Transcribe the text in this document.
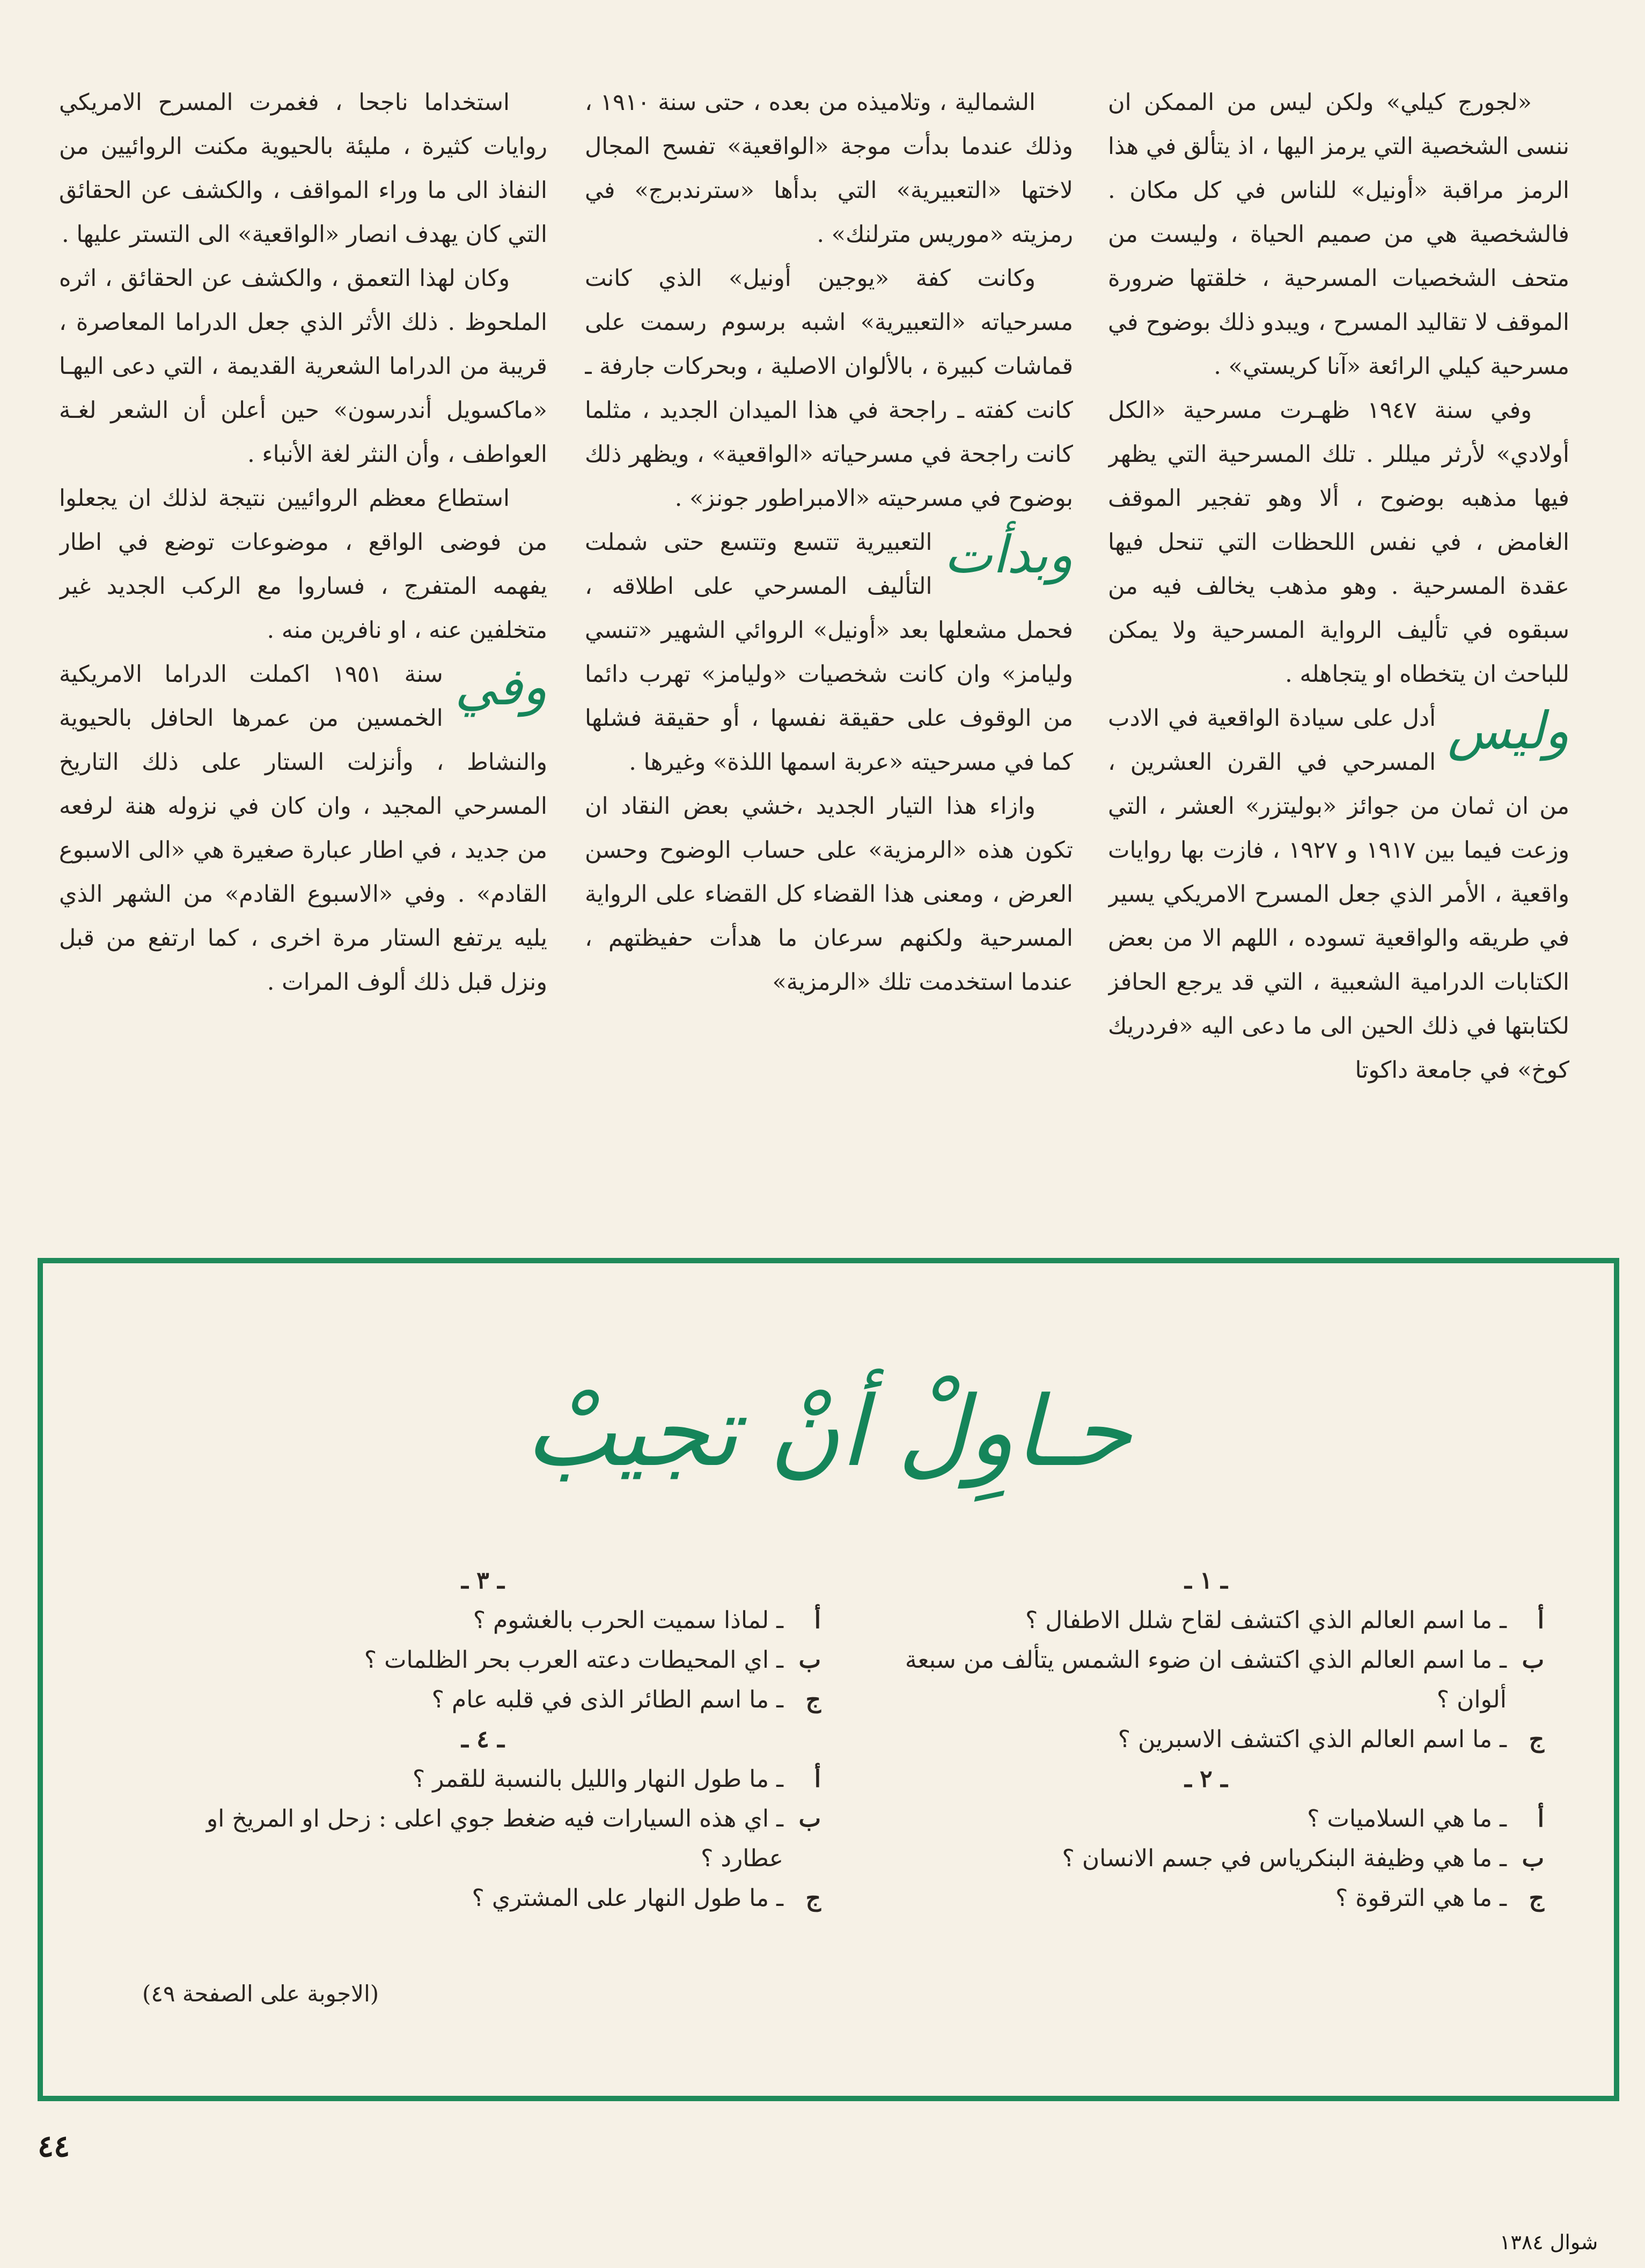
«لجورج كيلي» ولكن ليس من الممكن ان ننسى الشخصية التي يرمز اليها ، اذ يتألق في هذا الرمز مراقبة «أونيل» للناس في كل مكان . فالشخصية هي من صميم الحياة ، وليست من متحف الشخصيات المسرحية ، خلقتها ضرورة الموقف لا تقاليد المسرح ، ويبدو ذلك بوضوح في مسرحية كيلي الرائعة «آنا كريستي» .

وفي سنة ١٩٤٧ ظهـرت مسرحية «الكل أولادي» لأرثر ميللر . تلك المسرحية التي يظهر فيها مذهبه بوضوح ، ألا وهو تفجير الموقف الغامض ، في نفس اللحظات التي تنحل فيها عقدة المسرحية . وهو مذهب يخالف فيه من سبقوه في تأليف الرواية المسرحية ولا يمكن للباحث ان يتخطاه او يتجاهله .

وليس
أدل على سيادة الواقعية في الادب المسرحي في القرن العشرين ، من ان ثمان من جوائز «بوليتزر» العشر ، التي وزعت فيما بين ١٩١٧ و ١٩٢٧ ، فازت بها روايات واقعية ، الأمر الذي جعل المسرح الامريكي يسير في طريقه والواقعية تسوده ، اللهم الا من بعض الكتابات الدرامية الشعبية ، التي قد يرجع الحافز لكتابتها في ذلك الحين الى ما دعى اليه «فردريك كوخ» في جامعة داكوتا

الشمالية ، وتلاميذه من بعده ، حتى سنة ١٩١٠ ، وذلك عندما بدأت موجة «الواقعية» تفسح المجال لاختها «التعبيرية» التي بدأها «سترندبرج» في رمزيته «موريس مترلنك» .

وكانت كفة «يوجين أونيل» الذي كانت مسرحياته «التعبيرية» اشبه برسوم رسمت على قماشات كبيرة ، بالألوان الاصلية ، وبحركات جارفة ـ كانت كفته ـ راجحة في هذا الميدان الجديد ، مثلما كانت راجحة في مسرحياته «الواقعية» ، ويظهر ذلك بوضوح في مسرحيته «الامبراطور جونز» .

وبدأت
التعبيرية تتسع وتتسع حتى شملت التأليف المسرحي على اطلاقه ، فحمل مشعلها بعد «أونيل» الروائي الشهير «تنسي وليامز» وان كانت شخصيات «وليامز» تهرب دائما من الوقوف على حقيقة نفسها ، أو حقيقة فشلها كما في مسرحيته «عربة اسمها اللذة» وغيرها .

وازاء هذا التيار الجديد ،خشي بعض النقاد ان تكون هذه «الرمزية» على حساب الوضوح وحسن العرض ، ومعنى هذا القضاء كل القضاء على الرواية المسرحية ولكنهم سرعان ما هدأت حفيظتهم ، عندما استخدمت تلك «الرمزية»

استخداما ناجحا ، فغمرت المسرح الامريكي روايات كثيرة ، مليئة بالحيوية مكنت الروائيين من النفاذ الى ما وراء المواقف ، والكشف عن الحقائق التي كان يهدف انصار «الواقعية» الى التستر عليها .

وكان لهذا التعمق ، والكشف عن الحقائق ، اثره الملحوظ . ذلك الأثر الذي جعل الدراما المعاصرة ، قريبة من الدراما الشعرية القديمة ، التي دعى اليهـا «ماكسويل أندرسون» حين أعلن أن الشعر لغـة العواطف ، وأن النثر لغة الأنباء .

استطاع معظم الروائيين نتيجة لذلك ان يجعلوا من فوضى الواقع ، موضوعات توضع في اطار يفهمه المتفرج ، فساروا مع الركب الجديد غير متخلفين عنه ، او نافرين منه .

وفي
سنة ١٩٥١ اكملت الدراما الامريكية الخمسين من عمرها الحافل بالحيوية والنشاط ، وأنزلت الستار على ذلك التاريخ المسرحي المجيد ، وان كان في نزوله هنة لرفعه من جديد ، في اطار عبارة صغيرة هي «الى الاسبوع القادم» . وفي «الاسبوع القادم» من الشهر الذي يليه يرتفع الستار مرة اخرى ، كما ارتفع من قبل ونزل قبل ذلك ألوف المرات .

حـاوِلْ أنْ تجيبْ
ـ ١ ـ
أ
ـ ما اسم العالم الذي اكتشف لقاح شلل الاطفال ؟
ب
ـ ما اسم العالم الذي اكتشف ان ضوء الشمس يتألف من سبعة ألوان ؟
ج
ـ ما اسم العالم الذي اكتشف الاسبرين ؟
ـ ٢ ـ
أ
ـ ما هي السلاميات ؟
ب
ـ ما هي وظيفة البنكرياس في جسم الانسان ؟
ج
ـ ما هي الترقوة ؟
ـ ٣ ـ
أ
ـ لماذا سميت الحرب بالغشوم ؟
ب
ـ اي المحيطات دعته العرب بحر الظلمات ؟
ج
ـ ما اسم الطائر الذى في قلبه عام ؟
ـ ٤ ـ
أ
ـ ما طول النهار والليل بالنسبة للقمر ؟
ب
ـ اي هذه السيارات فيه ضغط جوي اعلى : زحل او المريخ او عطارد ؟
ج
ـ ما طول النهار على المشتري ؟
(الاجوبة على الصفحة ٤٩)
٤٤
شوال ١٣٨٤
